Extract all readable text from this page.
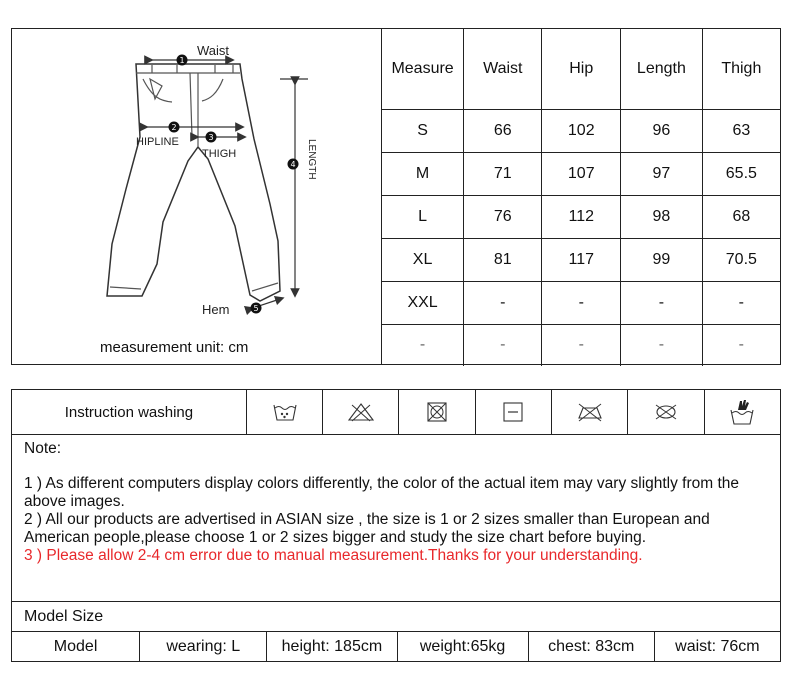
1
2
3
4
5
Waist
HIPLINE
THIGH
Hem
LENGTH
measurement unit: cm
Measure	Waist	Hip	Length	Thigh
S	66	102	96	63
M	71	107	97	65.5
L	76	112	98	68
XL	81	117	99	70.5
XXL	-	-	-	-
-	-	-	-	-
Instruction washing
Note:
1 ) As different computers display colors differently, the color of the actual item may vary slightly from the above images.
2 ) All our products are advertised in ASIAN size , the size is 1 or 2 sizes smaller than European and American people,please choose 1 or 2 sizes bigger and study the size chart before buying.
3 ) Please allow 2-4 cm error due to manual measurement.Thanks for your understanding.
Model Size
Model	wearing: L	height: 185cm	weight:65kg	chest: 83cm	waist: 76cm
